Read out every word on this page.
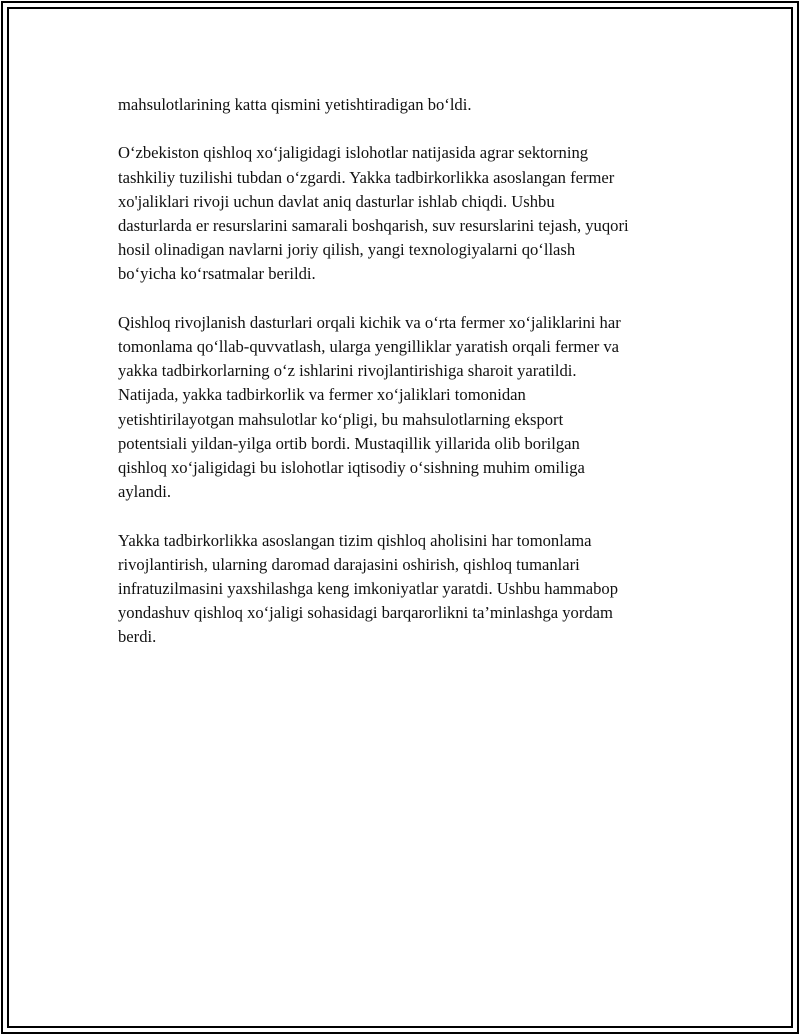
mahsulotlarining katta qismini yetishtiradigan bo‘ldi.

O‘zbekiston qishloq xo‘jaligidagi islohotlar natijasida agrar sektorning
tashkiliy tuzilishi tubdan o‘zgardi. Yakka tadbirkorlikka asoslangan fermer
xo'jaliklari rivoji uchun davlat aniq dasturlar ishlab chiqdi. Ushbu
dasturlarda er resurslarini samarali boshqarish, suv resurslarini tejash, yuqori
hosil olinadigan navlarni joriy qilish, yangi texnologiyalarni qo‘llash
bo‘yicha ko‘rsatmalar berildi.

Qishloq rivojlanish dasturlari orqali kichik va o‘rta fermer xo‘jaliklarini har
tomonlama qo‘llab-quvvatlash, ularga yengilliklar yaratish orqali fermer va
yakka tadbirkorlarning o‘z ishlarini rivojlantirishiga sharoit yaratildi.
Natijada, yakka tadbirkorlik va fermer xo‘jaliklari tomonidan
yetishtirilayotgan mahsulotlar ko‘pligi, bu mahsulotlarning eksport
potentsiali yildan-yilga ortib bordi. Mustaqillik yillarida olib borilgan
qishloq xo‘jaligidagi bu islohotlar iqtisodiy o‘sishning muhim omiliga
aylandi.

Yakka tadbirkorlikka asoslangan tizim qishloq aholisini har tomonlama
rivojlantirish, ularning daromad darajasini oshirish, qishloq tumanlari
infratuzilmasini yaxshilashga keng imkoniyatlar yaratdi. Ushbu hammabop
yondashuv qishloq xo‘jaligi sohasidagi barqarorlikni ta’minlashga yordam
berdi.
